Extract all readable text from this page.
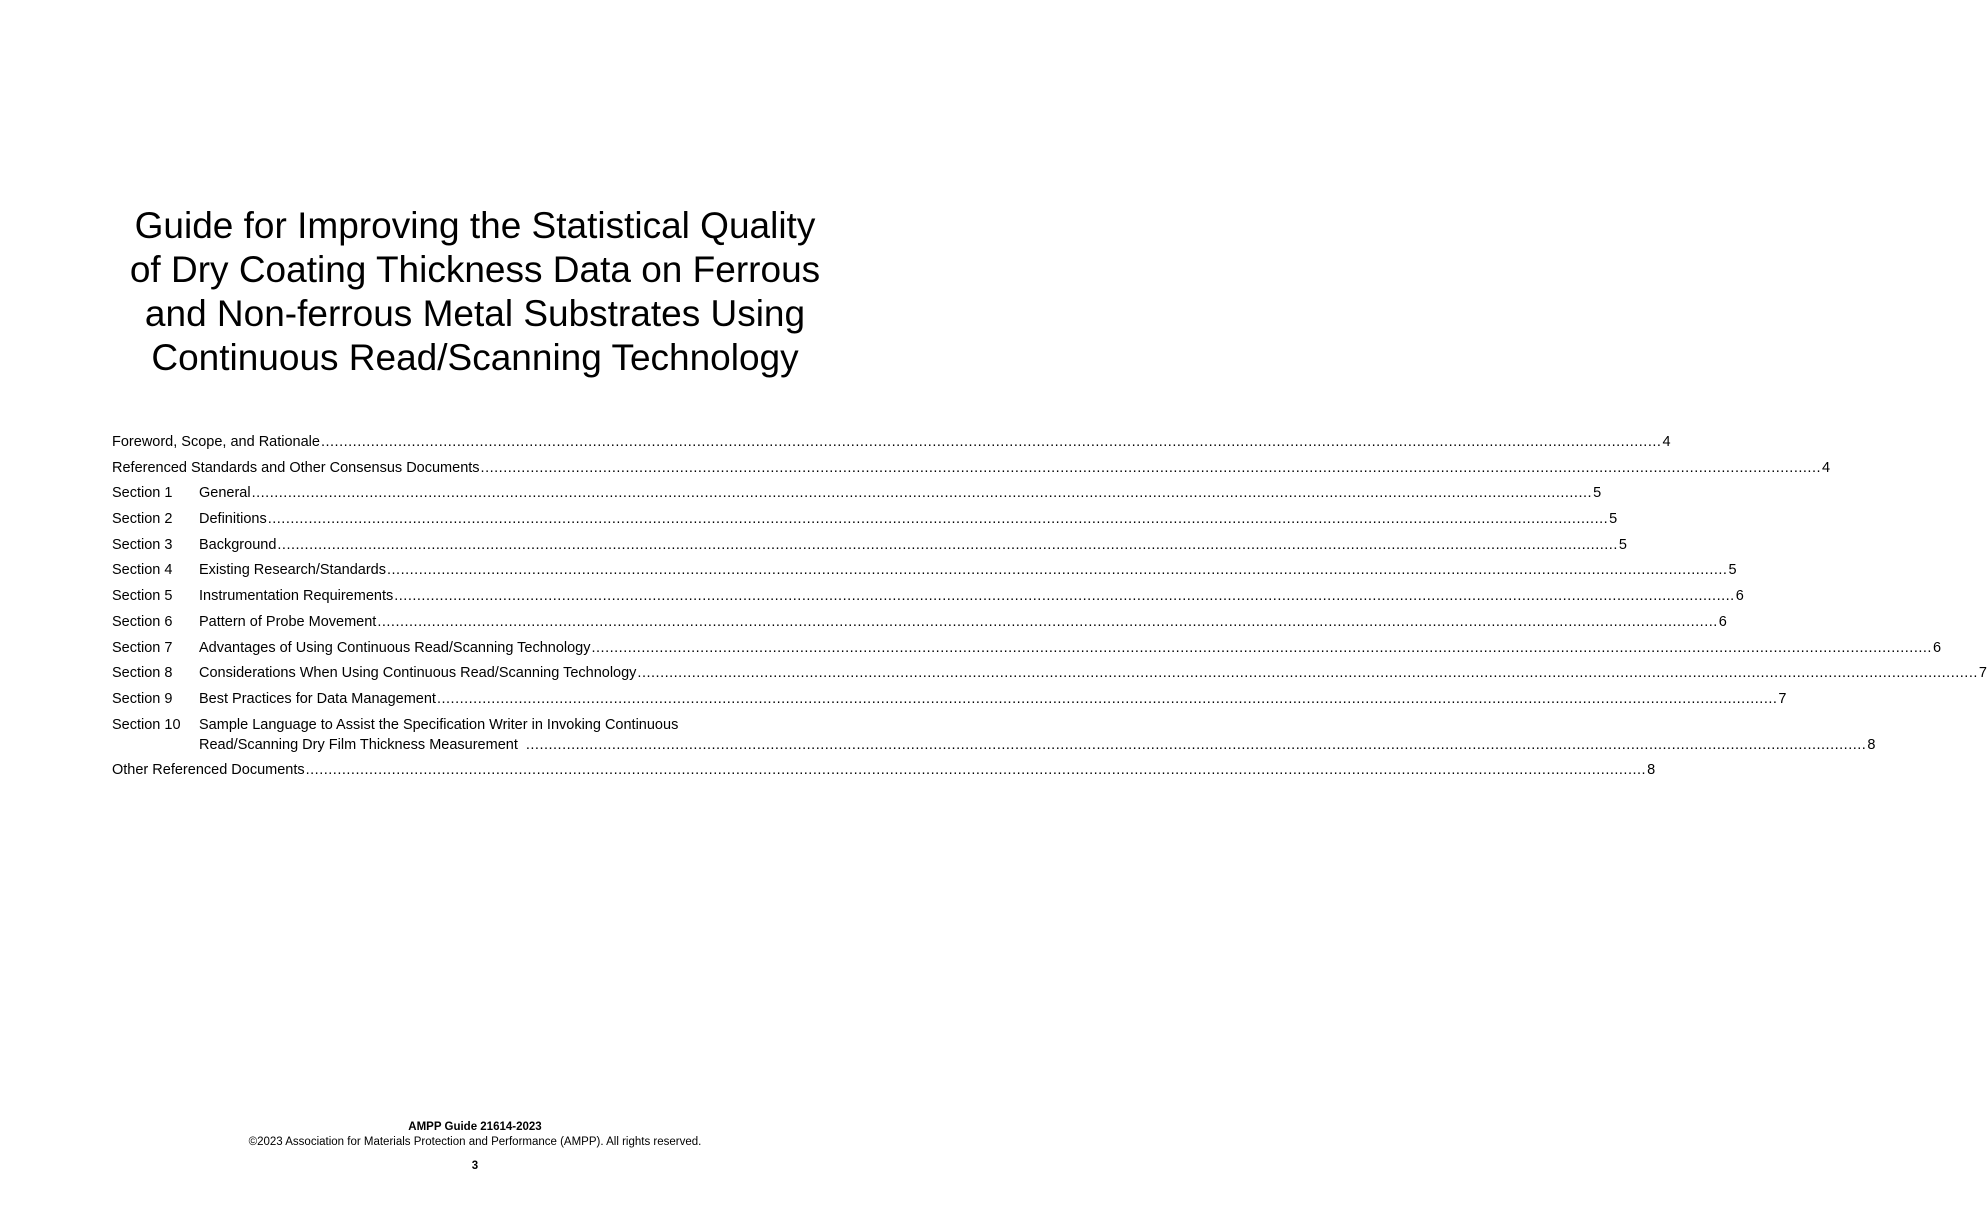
Guide for Improving the Statistical Quality
of Dry Coating Thickness Data on Ferrous
and Non-ferrous Metal Substrates Using
Continuous Read/Scanning Technology
Foreword, Scope, and Rationale .....	4
Referenced Standards and Other Consensus Documents .....	4
Section 1	General .....	5
Section 2	Definitions .....	5
Section 3	Background .....	5
Section 4	Existing Research/Standards .....	5
Section 5	Instrumentation Requirements .....	6
Section 6	Pattern of Probe Movement .....	6
Section 7	Advantages of Using Continuous Read/Scanning Technology .....	6
Section 8	Considerations When Using Continuous Read/Scanning Technology .....	7
Section 9	Best Practices for Data Management .....	7
Section 10	Sample Language to Assist the Specification Writer in Invoking Continuous
Read/Scanning Dry Film Thickness Measurement .....	8
Other Referenced Documents .....	8
AMPP Guide 21614-2023
©2023 Association for Materials Protection and Performance (AMPP). All rights reserved.
3
